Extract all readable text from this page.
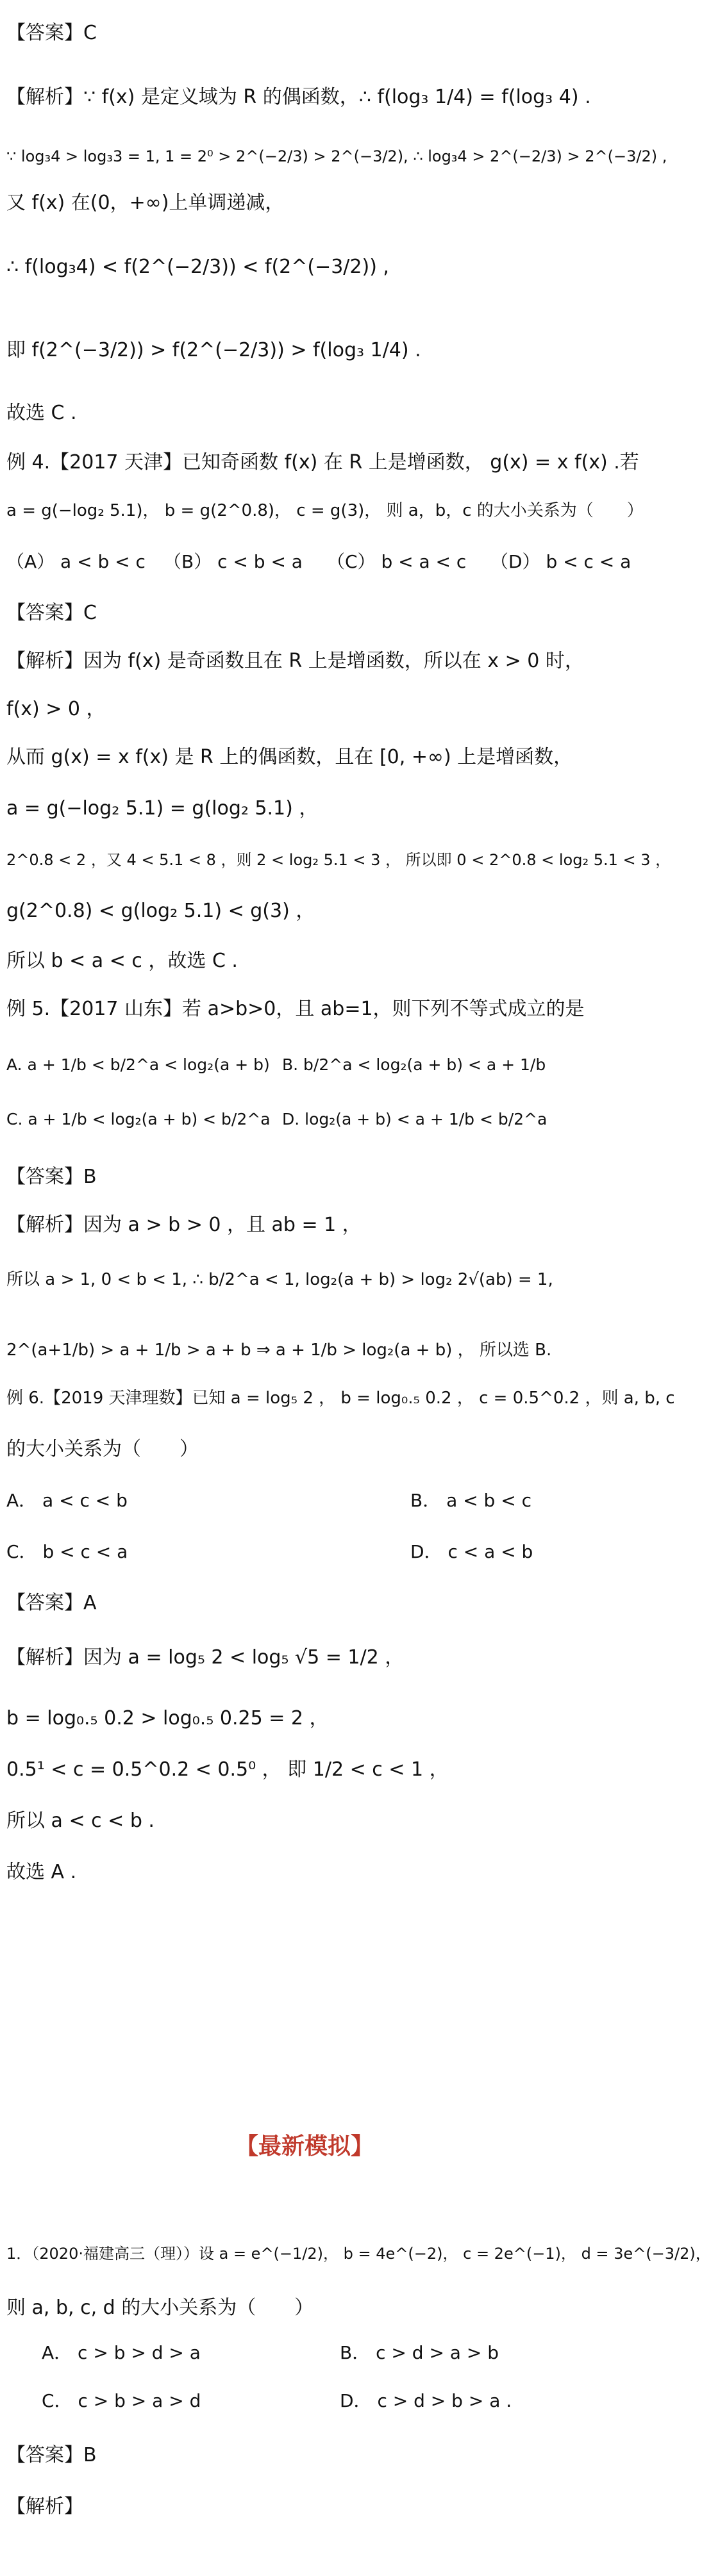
【最新模拟】
【答案】C
【解析】∵ f(x) 是定义域为 R 的偶函数，∴ f(log₃ 1/4) = f(log₃ 4) .
∵ log₃4 > log₃3 = 1, 1 = 2⁰ > 2^(−2/3) > 2^(−3/2), ∴ log₃4 > 2^(−2/3) > 2^(−3/2) ,
又 f(x) 在(0，+∞)上单调递减，
∴ f(log₃4) < f(2^(−2/3)) < f(2^(−3/2)) ,
即 f(2^(−3/2)) > f(2^(−2/3)) > f(log₃ 1/4) .
故选 C .
例 4.【2017 天津】已知奇函数 f(x) 在 R 上是增函数， g(x) = x f(x) .若
a = g(−log₂ 5.1)， b = g(2^0.8)， c = g(3)， 则 a，b，c 的大小关系为（　　）
【答案】C
【解析】因为 f(x) 是奇函数且在 R 上是增函数，所以在 x > 0 时，
f(x) > 0 ，
从而 g(x) = x f(x) 是 R 上的偶函数，且在 [0, +∞) 上是增函数，
a = g(−log₂ 5.1) = g(log₂ 5.1) ，
2^0.8 < 2 ，又 4 < 5.1 < 8 ，则 2 < log₂ 5.1 < 3 ， 所以即 0 < 2^0.8 < log₂ 5.1 < 3 ，
g(2^0.8) < g(log₂ 5.1) < g(3) ，
所以 b < a < c ，故选 C .
例 5.【2017 山东】若 a>b>0，且 ab=1，则下列不等式成立的是
【答案】B
【解析】因为 a > b > 0 ，且 ab = 1 ，
所以 a > 1, 0 < b < 1, ∴ b/2^a < 1, log₂(a + b) > log₂ 2√(ab) = 1,
2^(a+1/b) > a + 1/b > a + b ⇒ a + 1/b > log₂(a + b) ， 所以选 B.
例 6.【2019 天津理数】已知 a = log₅ 2 ， b = log₀.₅ 0.2 ， c = 0.5^0.2 ，则 a, b, c
的大小关系为（　　）
【答案】A
【解析】因为 a = log₅ 2 < log₅ √5 = 1/2 ，
b = log₀.₅ 0.2 > log₀.₅ 0.25 = 2 ，
0.5¹ < c = 0.5^0.2 < 0.5⁰ ， 即 1/2 < c < 1 ，
所以 a < c < b .
故选 A .
1．（2020·福建高三（理））设 a = e^(−1/2)， b = 4e^(−2)， c = 2e^(−1)， d = 3e^(−3/2)，
则 a, b, c, d 的大小关系为（　　）
【答案】B
【解析】
（A） a < b < c （B） c < b < a （C） b < a < c （D） b < c < a
A. a + 1/b < b/2^a < log₂(a + b) B. b/2^a < log₂(a + b) < a + 1/b
C. a + 1/b < log₂(a + b) < b/2^a D. log₂(a + b) < a + 1/b < b/2^a
A． a < c < b	B． a < b < c
C． b < c < a	D． c < a < b
A． c > b > d > a	B． c > d > a > b
C． c > b > a > d	D． c > d > b > a .
